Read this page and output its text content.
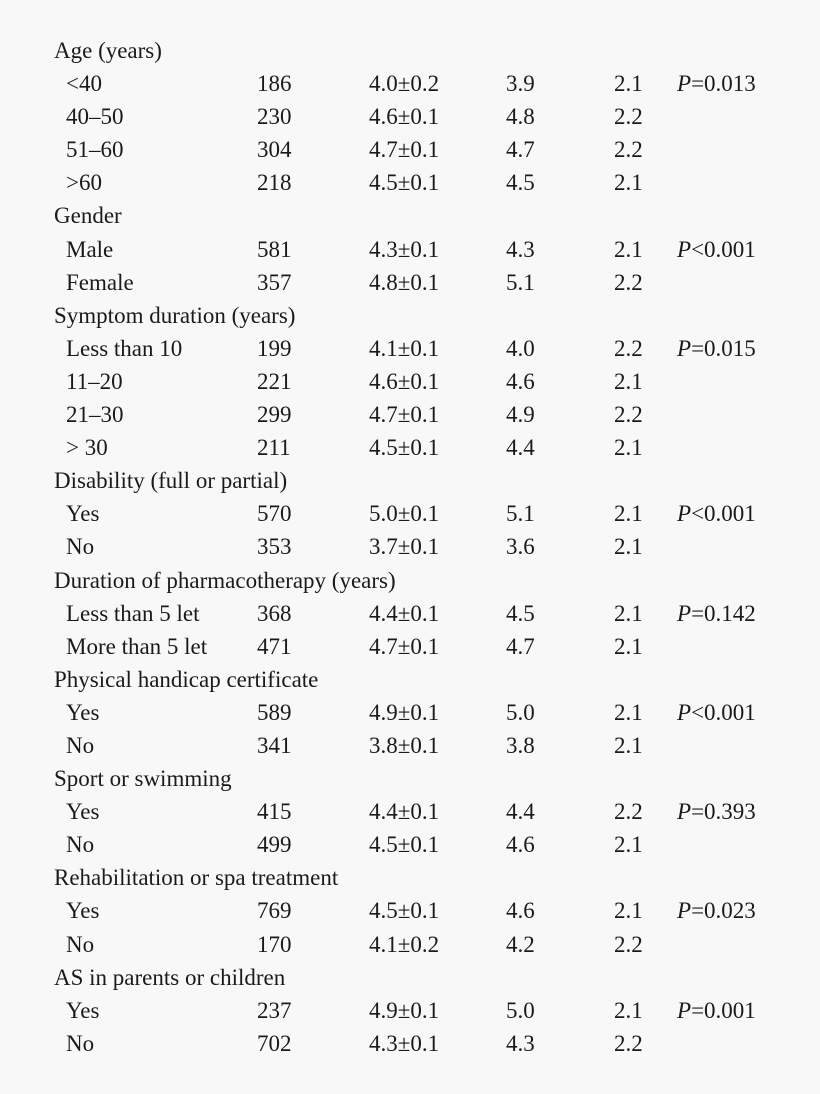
Age (years)
<40	186	4.0±0.2	3.9	2.1 P=0.013
40–50	230	4.6±0.1	4.8	2.2
51–60	304	4.7±0.1	4.7	2.2
>60	218	4.5±0.1	4.5	2.1
Gender
Male	581	4.3±0.1	4.3	2.1 P<0.001
Female	357	4.8±0.1	5.1	2.2
Symptom duration (years)
Less than 10	199	4.1±0.1	4.0	2.2 P=0.015
11–20	221	4.6±0.1	4.6	2.1
21–30	299	4.7±0.1	4.9	2.2
> 30	211	4.5±0.1	4.4	2.1
Disability (full or partial)
Yes	570	5.0±0.1	5.1	2.1 P<0.001
No	353	3.7±0.1	3.6	2.1
Duration of pharmacotherapy (years)
Less than 5 let	368	4.4±0.1	4.5	2.1 P=0.142
More than 5 let 471	4.7±0.1	4.7	2.1
Physical handicap certificate
Yes	589	4.9±0.1	5.0	2.1 P<0.001
No	341	3.8±0.1	3.8	2.1
Sport or swimming
Yes	415	4.4±0.1	4.4	2.2 P=0.393
No	499	4.5±0.1	4.6	2.1
Rehabilitation or spa treatment
Yes	769	4.5±0.1	4.6	2.1 P=0.023
No	170	4.1±0.2	4.2	2.2
AS in parents or children
Yes	237	4.9±0.1	5.0	2.1 P=0.001
No	702	4.3±0.1	4.3	2.2
